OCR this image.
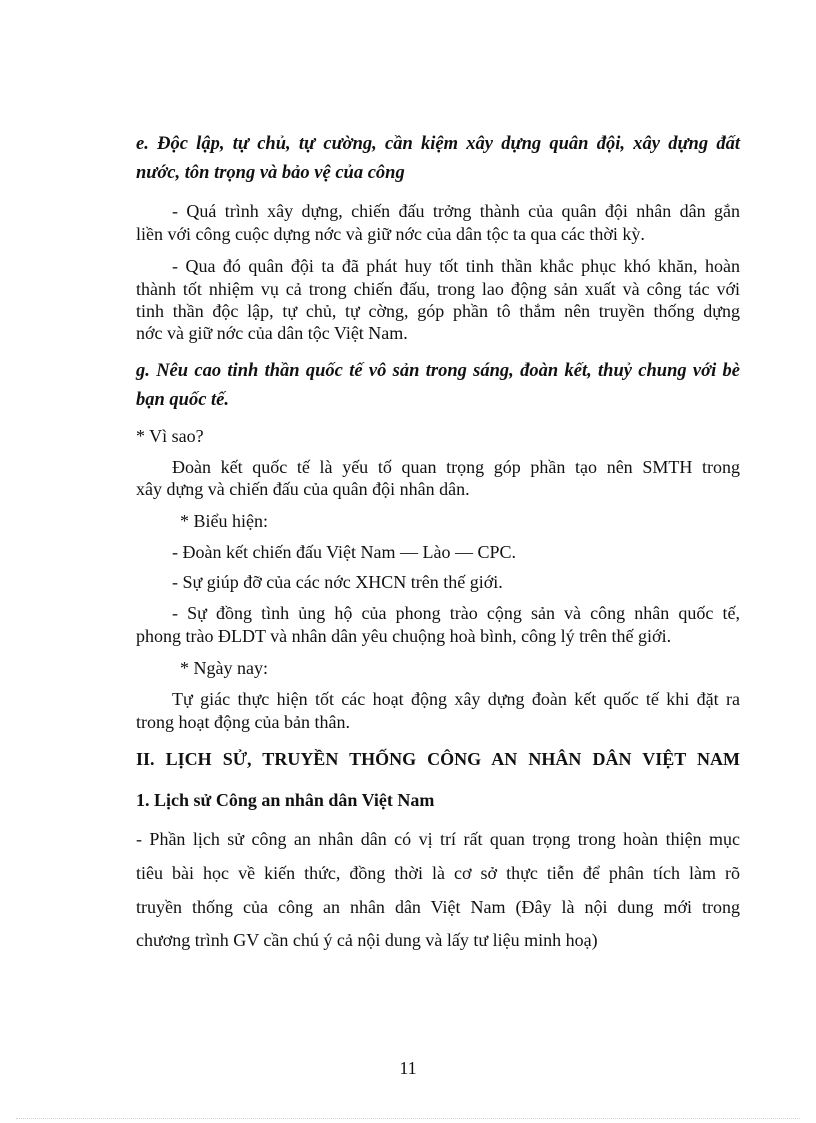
e. Độc lập, tự chủ, tự cường, cần kiệm xây dựng quân đội, xây dựng đất
nước, tôn trọng và bảo vệ của công
- Quá trình xây dựng, chiến đấu trởng thành của quân đội nhân dân gắn
liền với công cuộc dựng nớc và giữ nớc của dân tộc ta qua các thời kỳ.
- Qua đó quân đội ta đã phát huy tốt tinh thần khắc phục khó khăn, hoàn
thành tốt nhiệm vụ cả trong chiến đấu, trong lao động sản xuất và công tác với
tinh thần độc lập, tự chủ, tự cờng, góp phần tô thắm nên truyền thống dựng
nớc và giữ nớc của dân tộc Việt Nam.
g. Nêu cao tinh thần quốc tế vô sản trong sáng, đoàn kết, thuỷ chung với bè
bạn quốc tế.
* Vì sao?
Đoàn kết quốc tế là yếu tố quan trọng góp phần tạo nên SMTH trong
xây dựng và chiến đấu của quân đội nhân dân.
* Biểu hiện:
- Đoàn kết chiến đấu Việt Nam — Lào — CPC.
- Sự giúp đỡ của các nớc XHCN trên thế giới.
- Sự đồng tình ủng hộ của phong trào cộng sản và công nhân quốc tế,
phong trào ĐLDT và nhân dân yêu chuộng hoà bình, công lý trên thế giới.
* Ngày nay:
Tự giác thực hiện tốt các hoạt động xây dựng đoàn kết quốc tế khi đặt ra
trong hoạt động của bản thân.
II. LỊCH SỬ, TRUYỀN THỐNG CÔNG AN NHÂN DÂN VIỆT NAM
1. Lịch sử Công an nhân dân Việt Nam
- Phần lịch sử công an nhân dân có vị trí rất quan trọng trong hoàn thiện mục
tiêu bài học về kiến thức, đồng thời là cơ sở thực tiễn để phân tích làm rõ
truyền thống của công an nhân dân Việt Nam (Đây là nội dung mới trong
chương trình GV cần chú ý cả nội dung và lấy tư liệu minh hoạ)
11
